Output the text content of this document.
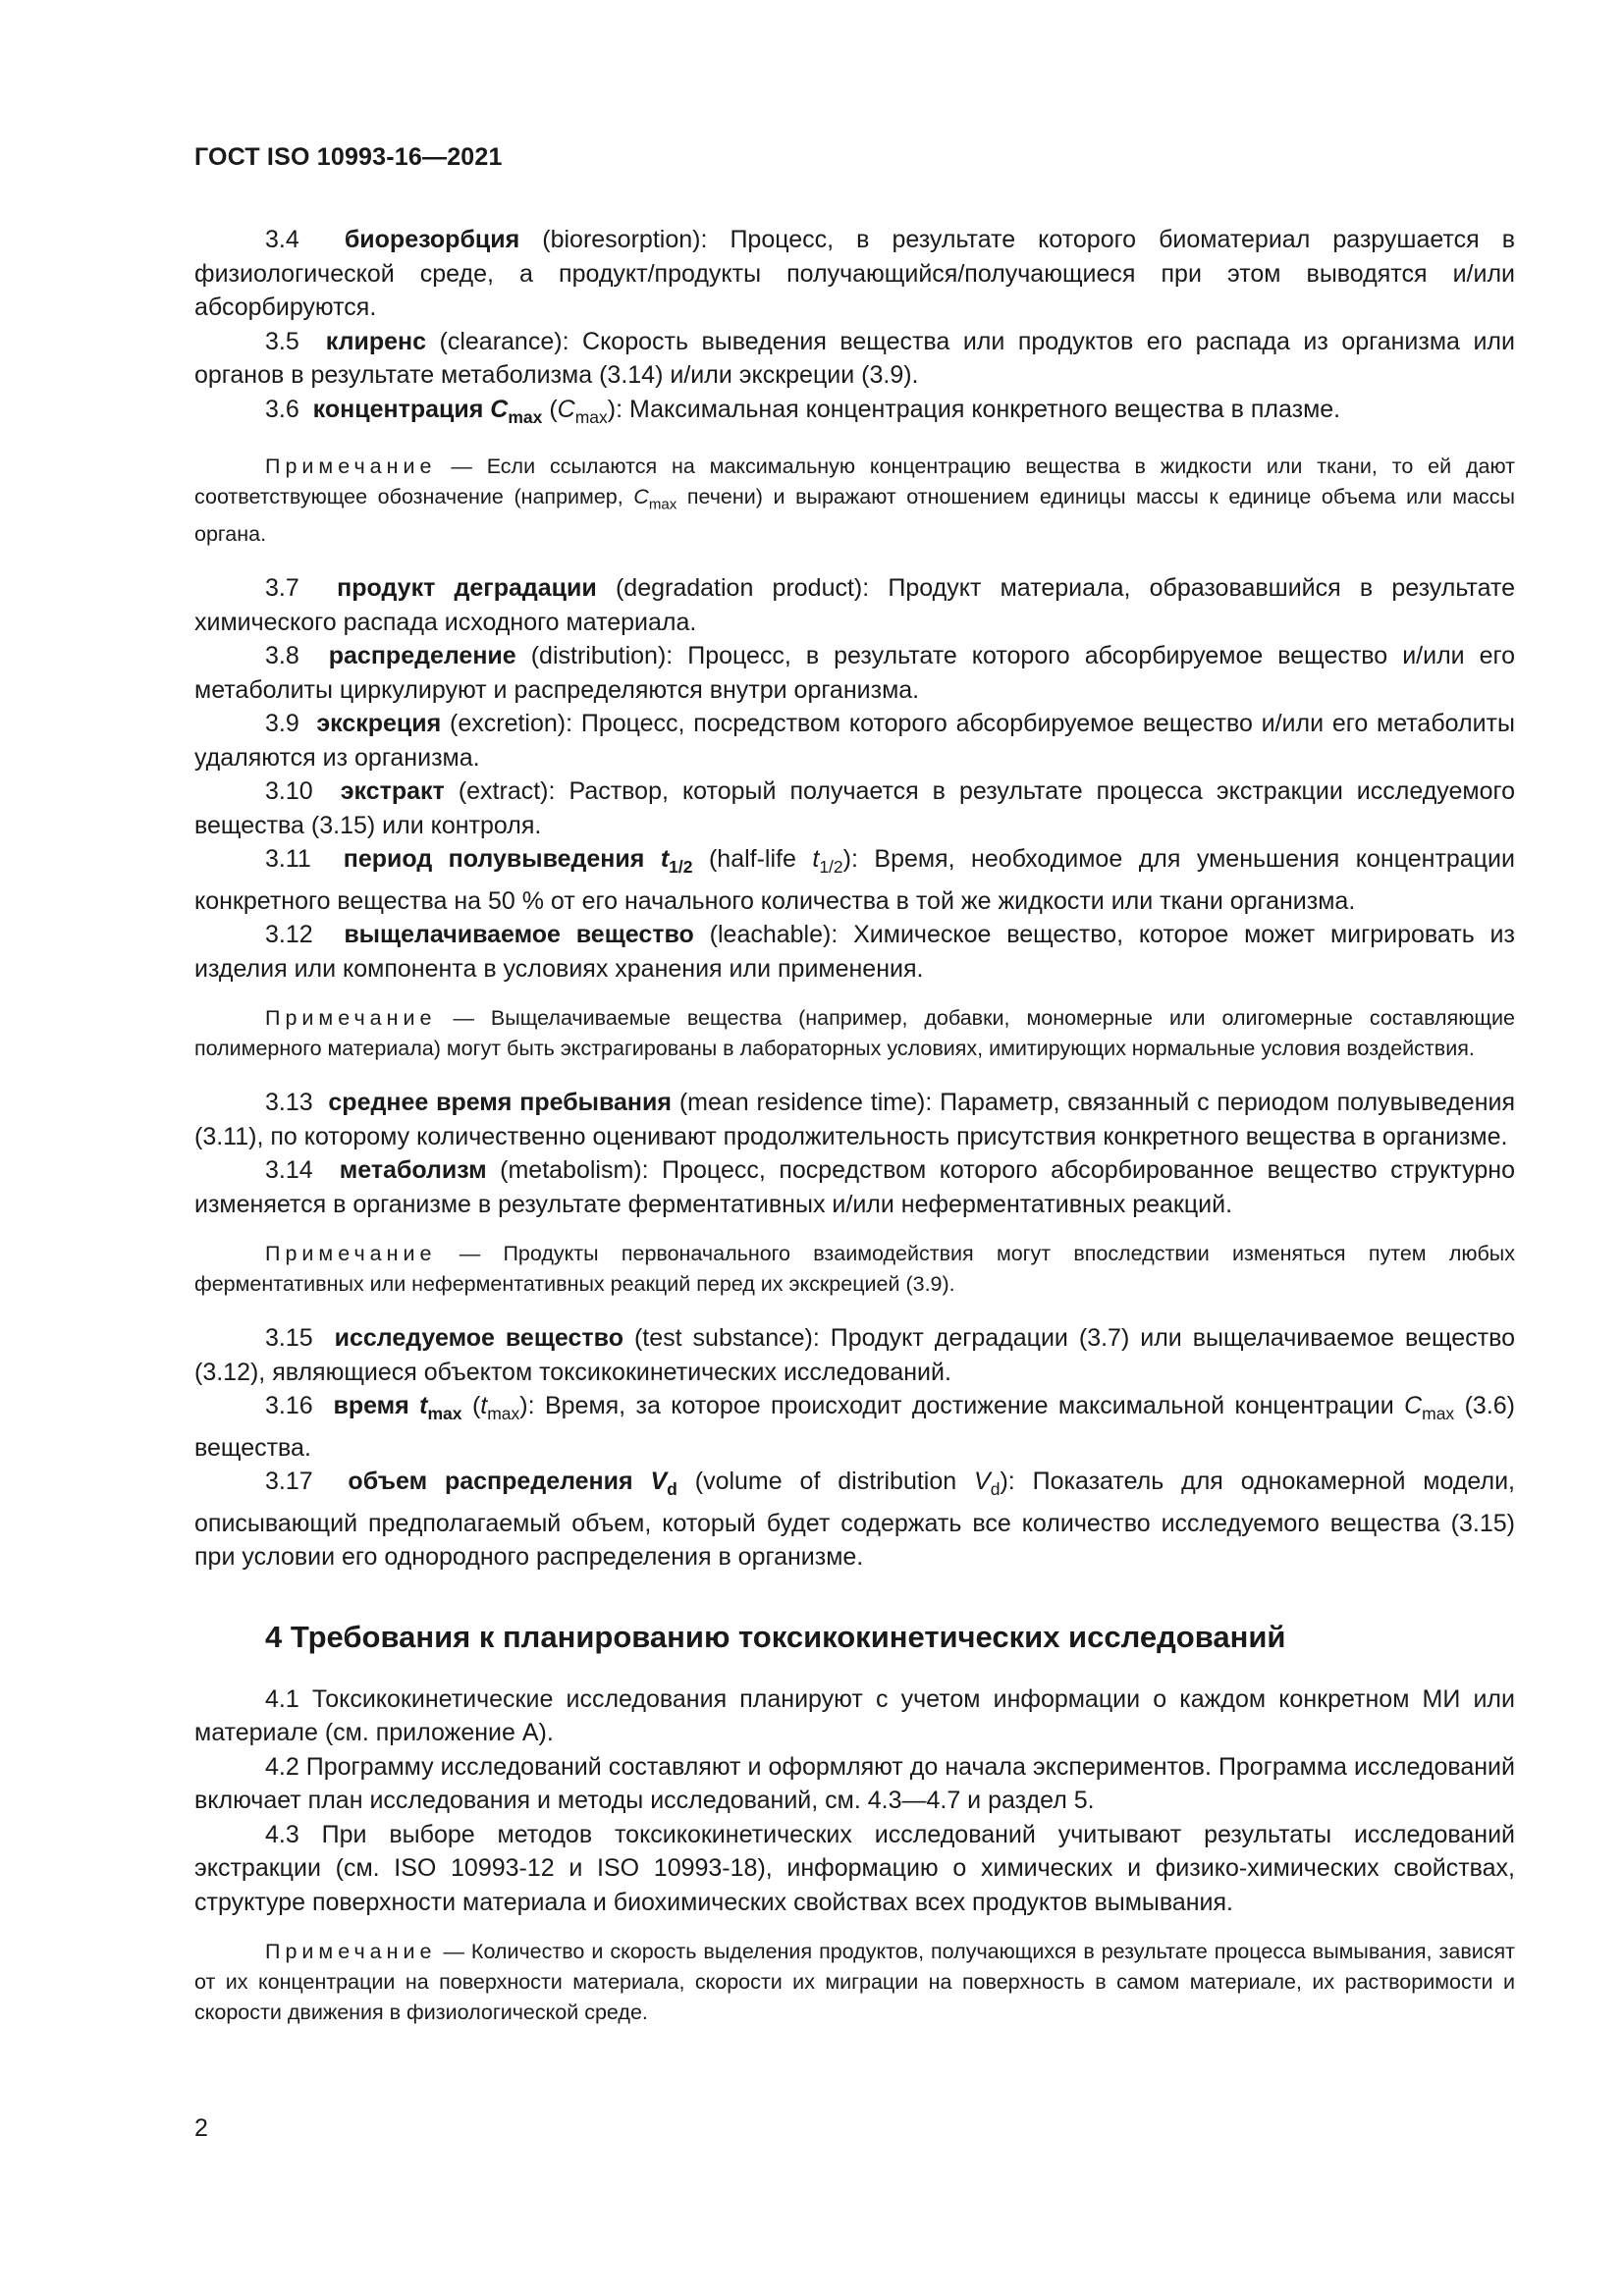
ГОСТ ISO 10993-16—2021

3.4 биорезорбция (bioresorption): Процесс, в результате которого биоматериал разрушается в физиологической среде, а продукт/продукты получающийся/получающиеся при этом выводятся и/или абсорбируются.

3.5 клиренс (clearance): Скорость выведения вещества или продуктов его распада из организма или органов в результате метаболизма (3.14) и/или экскреции (3.9).

3.6 концентрация $C_{max}$ $(C_{max})$: Максимальная концентрация конкретного вещества в плазме.

Примечание — Если ссылаются на максимальную концентрацию вещества в жидкости или ткани, то ей дают соответствующее обозначение (например, $C_{max}$ печени) и выражают отношением единицы массы к единице объема или массы органа.

3.7 продукт деградации (degradation product): Продукт материала, образовавшийся в результате химического распада исходного материала.

3.8 распределение (distribution): Процесс, в результате которого абсорбируемое вещество и/или его метаболиты циркулируют и распределяются внутри организма.

3.9 экскреция (excretion): Процесс, посредством которого абсорбируемое вещество и/или его метаболиты удаляются из организма.

3.10 экстракт (extract): Раствор, который получается в результате процесса экстракции исследуемого вещества (3.15) или контроля.

3.11 период полувыведения $t_{1/2}$ (half-life $t_{1/2}$): Время, необходимое для уменьшения концентрации конкретного вещества на 50 % от его начального количества в той же жидкости или ткани организма.

3.12 выщелачиваемое вещество (leachable): Химическое вещество, которое может мигрировать из изделия или компонента в условиях хранения или применения.

Примечание — Выщелачиваемые вещества (например, добавки, мономерные или олигомерные составляющие полимерного материала) могут быть экстрагированы в лабораторных условиях, имитирующих нормальные условия воздействия.

3.13 среднее время пребывания (mean residence time): Параметр, связанный с периодом полувыведения (3.11), по которому количественно оценивают продолжительность присутствия конкретного вещества в организме.

3.14 метаболизм (metabolism): Процесс, посредством которого абсорбированное вещество структурно изменяется в организме в результате ферментативных и/или неферментативных реакций.

Примечание — Продукты первоначального взаимодействия могут впоследствии изменяться путем любых ферментативных или неферментативных реакций перед их экскрецией (3.9).

3.15 исследуемое вещество (test substance): Продукт деградации (3.7) или выщелачиваемое вещество (3.12), являющиеся объектом токсикокинетических исследований.

3.16 время $t_{max}$ $(t_{max})$: Время, за которое происходит достижение максимальной концентрации $C_{max}$ (3.6) вещества.

3.17 объем распределения $V_d$ (volume of distribution $V_d$): Показатель для однокамерной модели, описывающий предполагаемый объем, который будет содержать все количество исследуемого вещества (3.15) при условии его однородного распределения в организме.

4 Требования к планированию токсикокинетических исследований

4.1 Токсикокинетические исследования планируют с учетом информации о каждом конкретном МИ или материале (см. приложение А).

4.2 Программу исследований составляют и оформляют до начала экспериментов. Программа исследований включает план исследования и методы исследований, см. 4.3—4.7 и раздел 5.

4.3 При выборе методов токсикокинетических исследований учитывают результаты исследований экстракции (см. ISO 10993-12 и ISO 10993-18), информацию о химических и физико-химических свойствах, структуре поверхности материала и биохимических свойствах всех продуктов вымывания.

Примечание — Количество и скорость выделения продуктов, получающихся в результате процесса вымывания, зависят от их концентрации на поверхности материала, скорости их миграции на поверхность в самом материале, их растворимости и скорости движения в физиологической среде.

2
